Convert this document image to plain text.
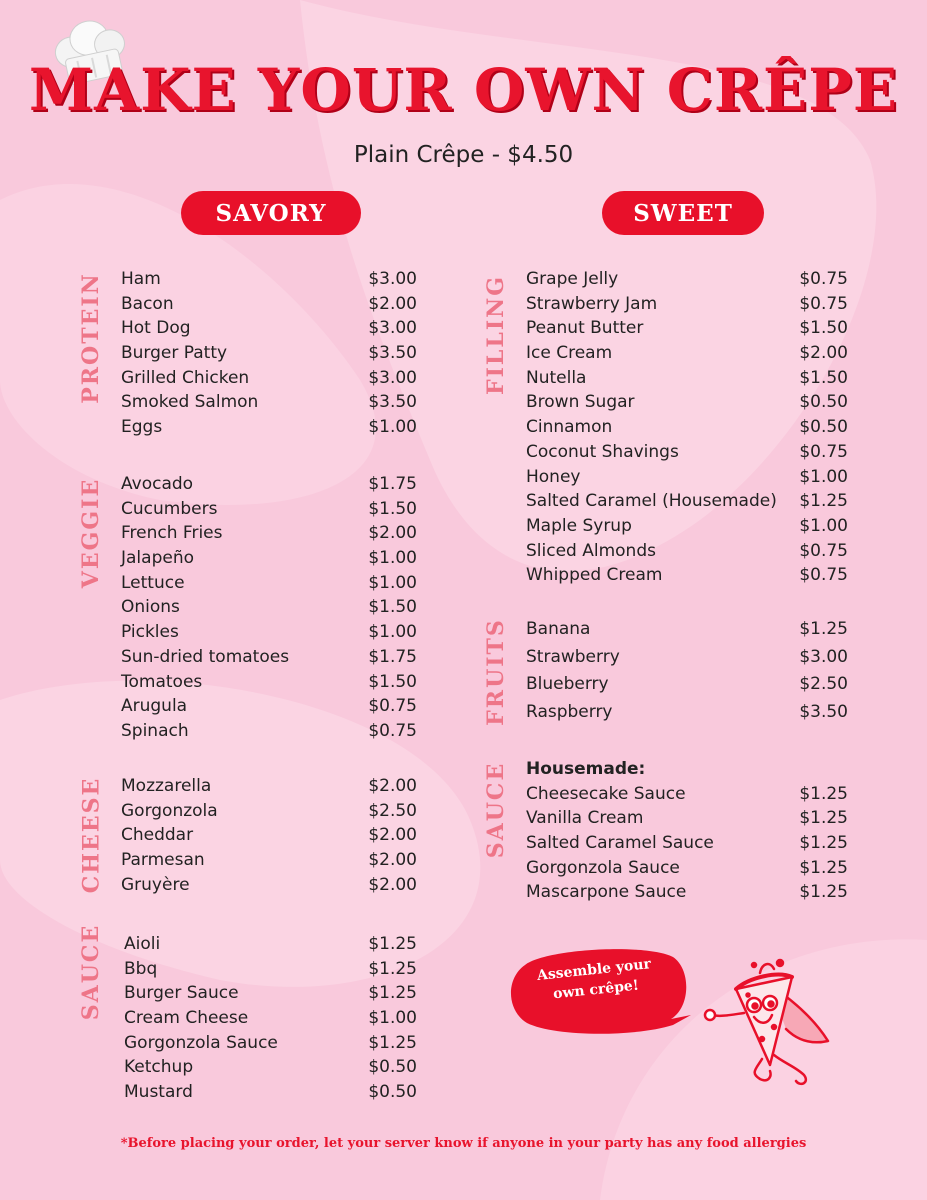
MAKE YOUR OWN CRÊPE
Plain Crêpe - $4.50
SAVORY	SWEET
PROTEIN Ham	$3.00
Bacon	$2.00
Hot Dog	$3.00
Burger Patty	$3.50
Grilled Chicken	$3.00
Smoked Salmon	$3.50
Eggs	$1.00
VEGGIE Avocado	$1.75
Cucumbers	$1.50
French Fries	$2.00
Jalapeño	$1.00
Lettuce	$1.00
Onions	$1.50
Pickles	$1.00
Sun-dried tomatoes	$1.75
Tomatoes	$1.50
Arugula	$0.75
Spinach	$0.75
CHEESE Mozzarella	$2.00
Gorgonzola	$2.50
Cheddar	$2.00
Parmesan	$2.00
Gruyère	$2.00
SAUCE Aioli	$1.25
Bbq	$1.25
Burger Sauce	$1.25
Cream Cheese	$1.00
Gorgonzola Sauce	$1.25
Ketchup	$0.50
Mustard	$0.50
FILLING Grape Jelly	$0.75
Strawberry Jam	$0.75
Peanut Butter	$1.50
Ice Cream	$2.00
Nutella	$1.50
Brown Sugar	$0.50
Cinnamon	$0.50
Coconut Shavings	$0.75
Honey	$1.00
Salted Caramel (Housemade) $1.25
Maple Syrup	$1.00
Sliced Almonds	$0.75
Whipped Cream	$0.75
FRUITS Banana	$1.25
Strawberry	$3.00
Blueberry	$2.50
Raspberry	$3.50
SAUCE Housemade:
Cheesecake Sauce	$1.25
Vanilla Cream	$1.25
Salted Caramel Sauce	$1.25
Gorgonzola Sauce	$1.25
Mascarpone Sauce	$1.25
Assemble your
own crêpe!
*Before placing your order, let your server know if anyone in your party has any food allergies
